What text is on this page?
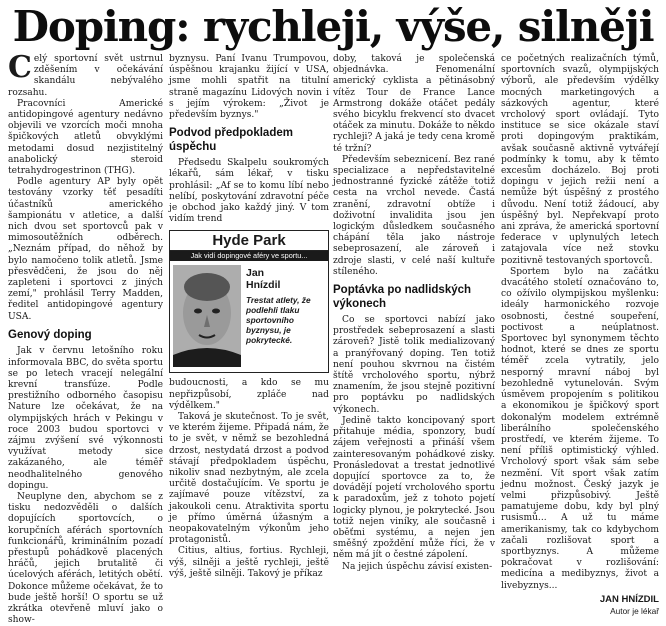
Doping: rychleji, výše, silněji

Celý sportovní svět ustrnul zděšením v očekávání skandálu nebývalého rozsahu.

Pracovníci Americké antidopingové agentury nedávno objevili ve vzorcích moči mnoha špičkových atletů obvyklými metodami dosud nezjistitelný anabolický steroid tetrahydrogestrinon (THG).

Podle agentury AP byly opět testovány vzorky těť pesadíti účastníků amerického šampionátu v atletice, a další nich dvou set sportovců pak v mimosoutěžních odběrech. „Neznám případ, do něhož by bylo namočeno tolik atletů. Jsme přesvědčeni, že jsou do něj zapleteni i sportovci z jiných zemí," prohlásil Terry Madden, ředitel antidopingové agentury USA.

Genový doping

Jak v červnu letošního roku informovala BBC, do světa sportu se po letech vracejí nelegální krevní transfúze. Podle prestižního odborného časopisu Nature lze očekávat, že na olympijských hrách v Pekingu v roce 2003 budou sportovci v zájmu zvýšení své výkonnosti využívat metody sice zakázaného, ale téměř neodhalitelného genového dopingu.

Neuplyne den, abychom se z tisku nedozvěděli o dalších dopujících sportovcích, o korupčních aférách sportovních funkcionářů, kriminálním pozadí přestupů pohádkově placených hráčů, jejich brutalitě či úcelových aférách, letitých obětí. Dokonce můžeme očekávat, že to bude ještě horší! O sportu se už zkrátka otevřeně mluví jako o show-

byznysu. Paní Ivanu Trumpovou, úspěšnou krajanku žijící v USA, jsme mohli spatřit na titulní straně magazínu Lidových novin i s jejím výrokem: „Život je především byznys."

Podvod předpokladem úspěchu

Předsedu Skalpelu soukromých lékařů, sám lékař, v tisku prohlásil: „Af se to komu líbí nebo nelíbí, poskytování zdravotní péče je obchod jako každý jiný. V tom vidím trend

Hyde Park
Jak vidí dopingové aféry ve sportu...
Jan
Hnízdil
Trestat atlety, že podlehli tlaku sportovního byznysu, je pokrytecké.

budoucnosti, a kdo se mu nepřizpůsobí, zpláče nad výdělkem."

Taková je skutečnost. To je svět, ve kterém žijeme. Připadá nám, že to je svět, v němž se bezohledná drzost, nestydatá drzost a podvod stávají předpokladem úspěchu, nikoliv snad nezbytným, ale zcela určitě dostačujícím. Ve sportu je zajímavé pouze vítězství, za jakoukoli cenu. Atraktivita sportu je přímo úměrná úžasným a neopakovatelným výkonům jeho protagonistů.

Citius, altius, fortius. Rychleji, výš, silněji a ještě rychleji, ještě výš, ještě silněji. Takový je příkaz

doby, taková je společenská objednávka. Fenomenální americký cyklista a pětinásobný vítěz Tour de France Lance Armstrong dokáže otáčet pedály svého bicyklu frekvencí sto dvacet otáček za minutu. Dokáže to někdo rychleji? A jaká je tedy cena kromě té tržní?

Především sebeznicení. Bez rané specializace a nepředstavitelné jednostranné fyzické zátěže totiž cesta na vrchol nevede. Častá zranění, zdravotní obtíže i doživotní invalidita jsou jen logickým důsledkem současného chápání těla jako nástroje sebeprosazení, ale zároveň i zdroje slasti, v celé naší kultuře stíleného.

Poptávka po nadlidských výkonech

Co se sportovci nabízí jako prostředek sebeprosazení a slasti zároveň? Jistě tolik medializovaný a pranýřovaný doping. Ten totiž není pouhou skvrnou na čistém štítě vrcholového sportu, nýbrž znamením, že jsou stejně pozitivní pro poptávku po nadlidských výkonech.

Jedině takto koncipovaný sport přitahuje média, sponzory, budí zájem veřejnosti a přináší všem zainteresovaným pohádkové zisky. Pronásledovat a trestat jednotlivé dopující sportovce za to, že dovádějí pojetí vrcholového sportu k paradoxům, jež z tohoto pojetí logicky plynou, je pokrytecké. Jsou totiž nejen viníky, ale současně i oběťmi systému, a nejen jen směšný zpoždění může říci, že v něm má jít o čestné zápolení.

Na jejich úspěchu závisí existen-

ce početných realizačních týmů, sportovních svazů, olympijských výborů, ale především výdělky mocných marketingových a sázkových agentur, které vrcholový sport ovládají. Tyto instituce se sice okázale staví proti dopingovým praktikám, avšak současně aktivně vytvářejí podmínky k tomu, aby k těmto excesům docházelo. Boj proti dopingu v jejich režii není a nemůže být úspěšný z prostého důvodu. Není totiž žádoucí, aby úspěšný byl. Nepřekvapí proto ani zpráva, že americká sportovní federace v uplynulých letech zatajovala více než stovku pozitivně testovaných sportovců.

Sportem bylo na začátku dvacátého století označováno to, co ožívilo olympijskou myšlenku: ideály harmonického rozvoje osobnosti, čestné soupeření, poctivost a neúplatnost. Sportovec byl synonymem těchto hodnot, které se dnes ze sportu téměř zcela vytratily, jelo nesporný mravní náboj byl bezohledně vytunelován. Svým úsměvem propojením s politikou a ekonomikou je špičkový sport dokonalým modelem extrémně liberálního společenského prostředí, ve kterém žijeme. To není příliš optimistický výhled. Vrcholový sport však sám sebe nezmění. Vít sport však zatím jednu možnost. Český jazyk je velmi přizpůsobivý. Ještě pamatujeme dobu, kdy byl plný rusismů... A už tu máme amerikanismy, tak co kdybychom začali rozlišovat sport a sportbyznys. A můžeme pokračovat v rozlišování: medicína a medibyznys, život a livebyznys...

JAN HNÍZDIL
Autor je lékař
